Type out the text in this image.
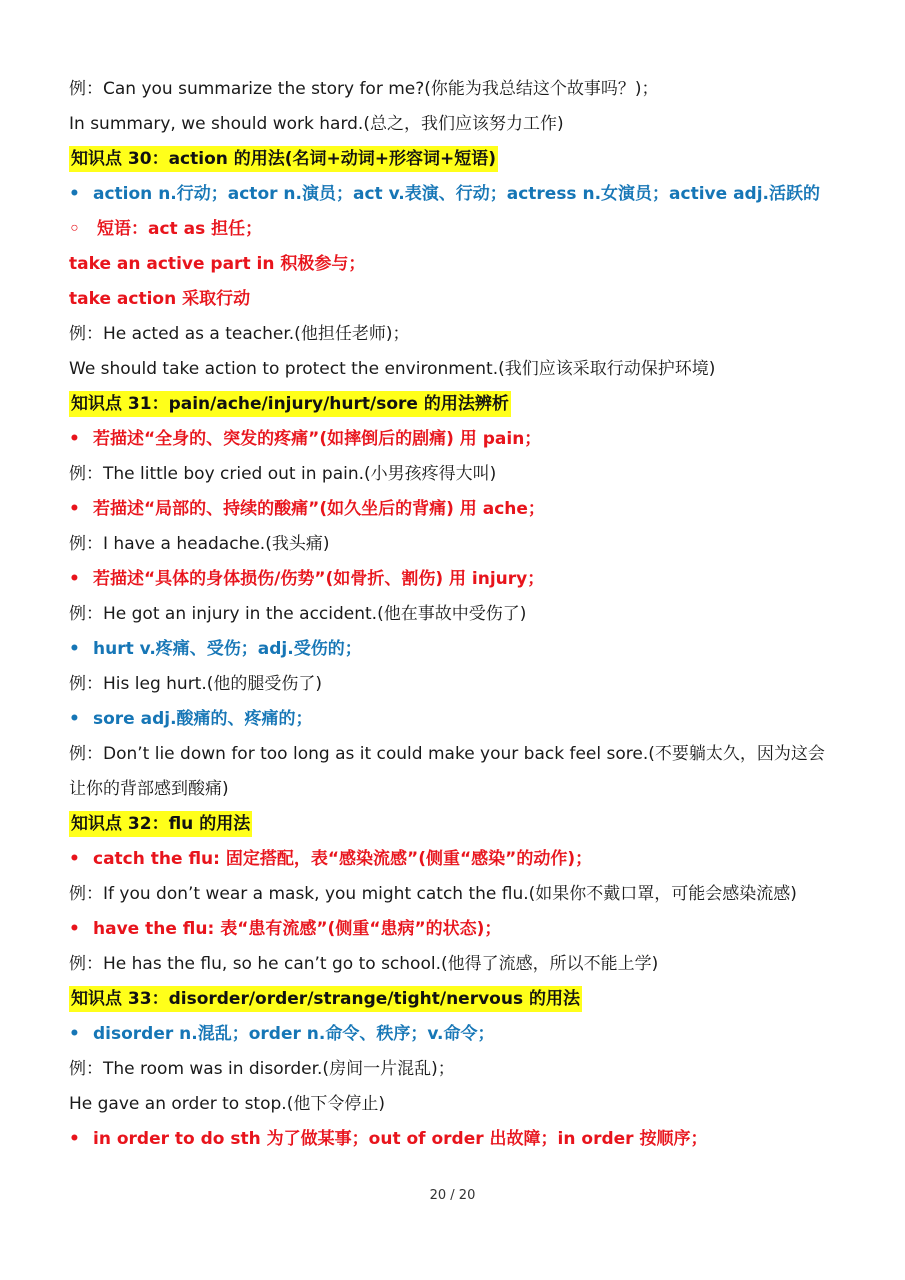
例：Can you summarize the story for me?(你能为我总结这个故事吗？)；
In summary, we should work hard.(总之，我们应该努力工作)
知识点 30：action 的用法(名词+动词+形容词+短语)
• action n.行动；actor n.演员；act v.表演、行动；actress n.女演员；active adj.活跃的
◦	短语：act as 担任；
take an active part in 积极参与；
take action 采取行动
例：He acted as a teacher.(他担任老师)；
We should take action to protect the environment.(我们应该采取行动保护环境)
知识点 31：pain/ache/injury/hurt/sore 的用法辨析
• 若描述“全身的、突发的疼痛”(如摔倒后的剧痛) 用 pain；
例：The little boy cried out in pain.(小男孩疼得大叫)
• 若描述“局部的、持续的酸痛”(如久坐后的背痛) 用 ache；
例：I have a headache.(我头痛)
• 若描述“具体的身体损伤/伤势”(如骨折、割伤) 用 injury；
例：He got an injury in the accident.(他在事故中受伤了)
• hurt v.疼痛、受伤；adj.受伤的；
例：His leg hurt.(他的腿受伤了)
• sore adj.酸痛的、疼痛的；
例：Don’t lie down for too long as it could make your back feel sore.(不要躺太久，因为这会
让你的背部感到酸痛)
知识点 32：flu 的用法
• catch the flu: 固定搭配，表“感染流感”(侧重“感染”的动作)；
例：If you don’t wear a mask, you might catch the flu.(如果你不戴口罩，可能会感染流感)
• have the flu: 表“患有流感”(侧重“患病”的状态)；
例：He has the flu, so he can’t go to school.(他得了流感，所以不能上学)
知识点 33：disorder/order/strange/tight/nervous 的用法
• disorder n.混乱；order n.命令、秩序；v.命令；
例：The room was in disorder.(房间一片混乱)；
He gave an order to stop.(他下令停止)
• in order to do sth 为了做某事；out of order 出故障；in order 按顺序；
20 / 20
